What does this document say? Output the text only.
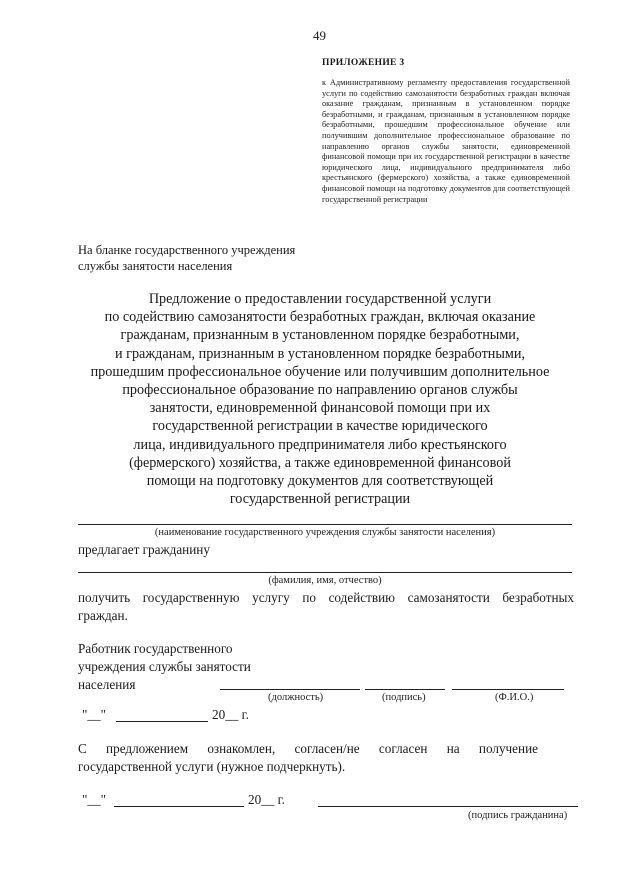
49
ПРИЛОЖЕНИЕ 3
к Административному регламенту предоставления государственной услуги по содействию самозанятости безработных граждан включая оказание гражданам, признанным в установленном порядке безработными, и гражданам, признанным в установленном порядке безработными, прошедшим профессиональное обучение или получившим дополнительное профессиональное образование по направлению органов службы занятости, единовременной финансовой помощи при их государственной регистрации в качестве юридического лица, индивидуального предпринимателя либо крестьянского (фермерского) хозяйства, а также единовременной финансовой помощи на подготовку документов для соответствующей государственной регистрации
На бланке государственного учреждения службы занятости населения
Предложение о предоставлении государственной услуги
по содействию самозанятости безработных граждан, включая оказание
гражданам, признанным в установленном порядке безработными,
и гражданам, признанным в установленном порядке безработными,
прошедшим профессиональное обучение или получившим дополнительное
профессиональное образование по направлению органов службы
занятости, единовременной финансовой помощи при их
государственной регистрации в качестве юридического
лица, индивидуального предпринимателя либо крестьянского
(фермерского) хозяйства, а также единовременной финансовой
помощи на подготовку документов для соответствующей
государственной регистрации
(наименование государственного учреждения службы занятости населения)
предлагает гражданину
(фамилия, имя, отчество)
получить государственную услугу по содействию самозанятости безработных
граждан.
Работник государственного
учреждения службы занятости
населения
(должность)	(подпись)	(Ф.И.О.)
"__"	20__ г.
С предложением ознакомлен, согласен/не согласен на получение
государственной услуги (нужное подчеркнуть).
"__"	20__ г.
(подпись гражданина)
